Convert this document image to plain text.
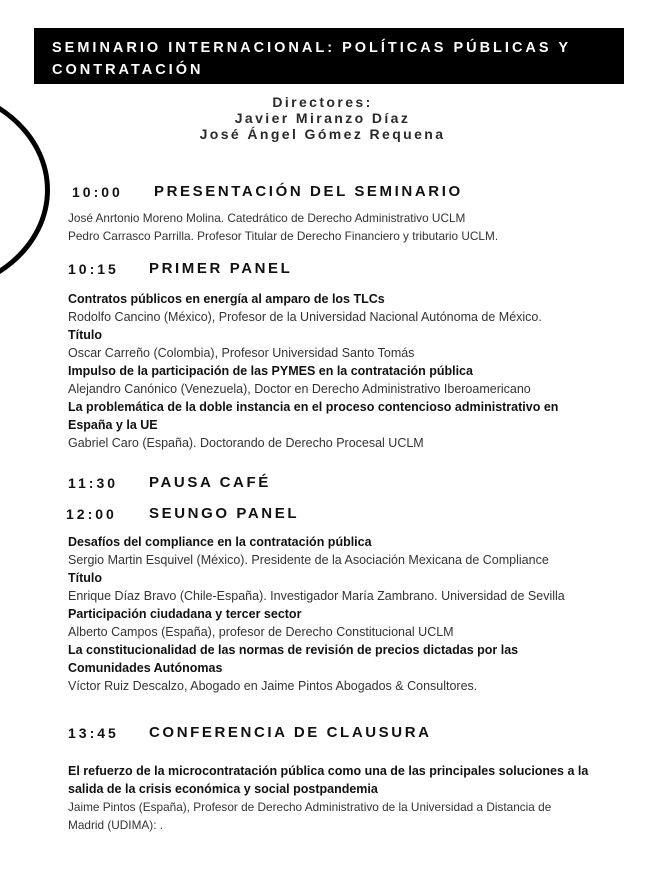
SEMINARIO INTERNACIONAL: POLÍTICAS PÚBLICAS Y
CONTRATACIÓN
Directores:
Javier Miranzo Díaz
José Ángel Gómez Requena
10:00 PRESENTACIÓN DEL SEMINARIO
José Anrtonio Moreno Molina. Catedrático de Derecho Administrativo UCLM
Pedro Carrasco Parrilla. Profesor Titular de Derecho Financiero y tributario UCLM.
10:15 PRIMER PANEL
Contratos públicos en energía al amparo de los TLCs
Rodolfo Cancino (México), Profesor de la Universidad Nacional Autónoma de México.
Título
Oscar Carreño (Colombia), Profesor Universidad Santo Tomás
Impulso de la participación de las PYMES en la contratación pública
Alejandro Canónico (Venezuela), Doctor en Derecho Administrativo Iberoamericano
La problemática de la doble instancia en el proceso contencioso administrativo en
España y la UE
Gabriel Caro (España). Doctorando de Derecho Procesal UCLM
11:30 PAUSA CAFÉ
12:00 SEUNGO PANEL
Desafíos del compliance en la contratación pública
Sergio Martin Esquivel (México). Presidente de la Asociación Mexicana de Compliance
Título
Enrique Díaz Bravo (Chile-España). Investigador María Zambrano. Universidad de Sevilla
Participación ciudadana y tercer sector
Alberto Campos (España), profesor de Derecho Constitucional UCLM
La constitucionalidad de las normas de revisión de precios dictadas por las
Comunidades Autónomas
Víctor Ruiz Descalzo, Abogado en Jaime Pintos Abogados & Consultores.
13:45 CONFERENCIA DE CLAUSURA
El refuerzo de la microcontratación pública como una de las principales soluciones a la
salida de la crisis económica y social postpandemia
Jaime Pintos (España), Profesor de Derecho Administrativo de la Universidad a Distancia de
Madrid (UDIMA): .
